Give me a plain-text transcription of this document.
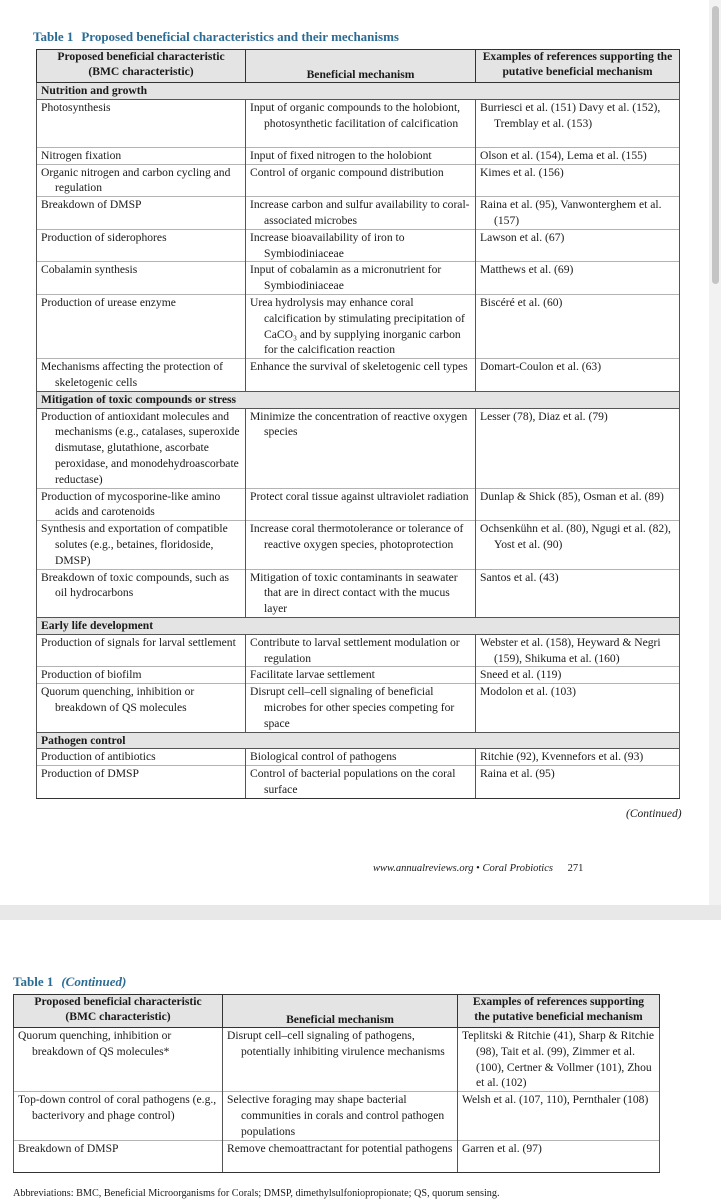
Table 1 Proposed beneficial characteristics and their mechanisms
Proposed beneficial characteristic (BMC characteristic)	Beneficial mechanism	Examples of references supporting the putative beneficial mechanism
Nutrition and growth		
Photosynthesis	Input of organic compounds to the holobiont, photosynthetic facilitation of calcification	Burriesci et al. (151) Davy et al. (152), Tremblay et al. (153)
Nitrogen fixation	Input of fixed nitrogen to the holobiont	Olson et al. (154), Lema et al. (155)
Organic nitrogen and carbon cycling and regulation	Control of organic compound distribution	Kimes et al. (156)
Breakdown of DMSP	Increase carbon and sulfur availability to coral-associated microbes	Raina et al. (95), Vanwonterghem et al. (157)
Production of siderophores	Increase bioavailability of iron to Symbiodiniaceae	Lawson et al. (67)
Cobalamin synthesis	Input of cobalamin as a micronutrient for Symbiodiniaceae	Matthews et al. (69)
Production of urease enzyme	Urea hydrolysis may enhance coral calcification by stimulating precipitation of CaCO₃ and by supplying inorganic carbon for the calcification reaction	Biscéré et al. (60)
Mechanisms affecting the protection of skeletogenic cells	Enhance the survival of skeletogenic cell types	Domart-Coulon et al. (63)
Mitigation of toxic compounds or stress		
Production of antioxidant molecules and mechanisms (e.g., catalases, superoxide dismutase, glutathione, ascorbate peroxidase, and monodehydroascorbate reductase)	Minimize the concentration of reactive oxygen species	Lesser (78), Diaz et al. (79)
Production of mycosporine-like amino acids and carotenoids	Protect coral tissue against ultraviolet radiation	Dunlap & Shick (85), Osman et al. (89)
Synthesis and exportation of compatible solutes (e.g., betaines, floridoside, DMSP)	Increase coral thermotolerance or tolerance of reactive oxygen species, photoprotection	Ochsenkühn et al. (80), Ngugi et al. (82), Yost et al. (90)
Breakdown of toxic compounds, such as oil hydrocarbons	Mitigation of toxic contaminants in seawater that are in direct contact with the mucus layer	Santos et al. (43)
Early life development		
Production of signals for larval settlement	Contribute to larval settlement modulation or regulation	Webster et al. (158), Heyward & Negri (159), Shikuma et al. (160)
Production of biofilm	Facilitate larvae settlement	Sneed et al. (119)
Quorum quenching, inhibition or breakdown of QS molecules	Disrupt cell–cell signaling of beneficial microbes for other species competing for space	Modolon et al. (103)
Pathogen control		
Production of antibiotics	Biological control of pathogens	Ritchie (92), Kvennefors et al. (93)
Production of DMSP	Control of bacterial populations on the coral surface	Raina et al. (95)
(Continued)
www.annualreviews.org • Coral Probiotics 271
Table 1 (Continued)
Proposed beneficial characteristic (BMC characteristic)	Beneficial mechanism	Examples of references supporting the putative beneficial mechanism
Quorum quenching, inhibition or breakdown of QS molecules*	Disrupt cell–cell signaling of pathogens, potentially inhibiting virulence mechanisms	Teplitski & Ritchie (41), Sharp & Ritchie (98), Tait et al. (99), Zimmer et al. (100), Certner & Vollmer (101), Zhou et al. (102)
Top-down control of coral pathogens (e.g., bacterivory and phage control)	Selective foraging may shape bacterial communities in corals and control pathogen populations	Welsh et al. (107, 110), Pernthaler (108)
Breakdown of DMSP	Remove chemoattractant for potential pathogens	Garren et al. (97)
Abbreviations: BMC, Beneficial Microorganisms for Corals; DMSP, dimethylsulfoniopropionate; QS, quorum sensing.
